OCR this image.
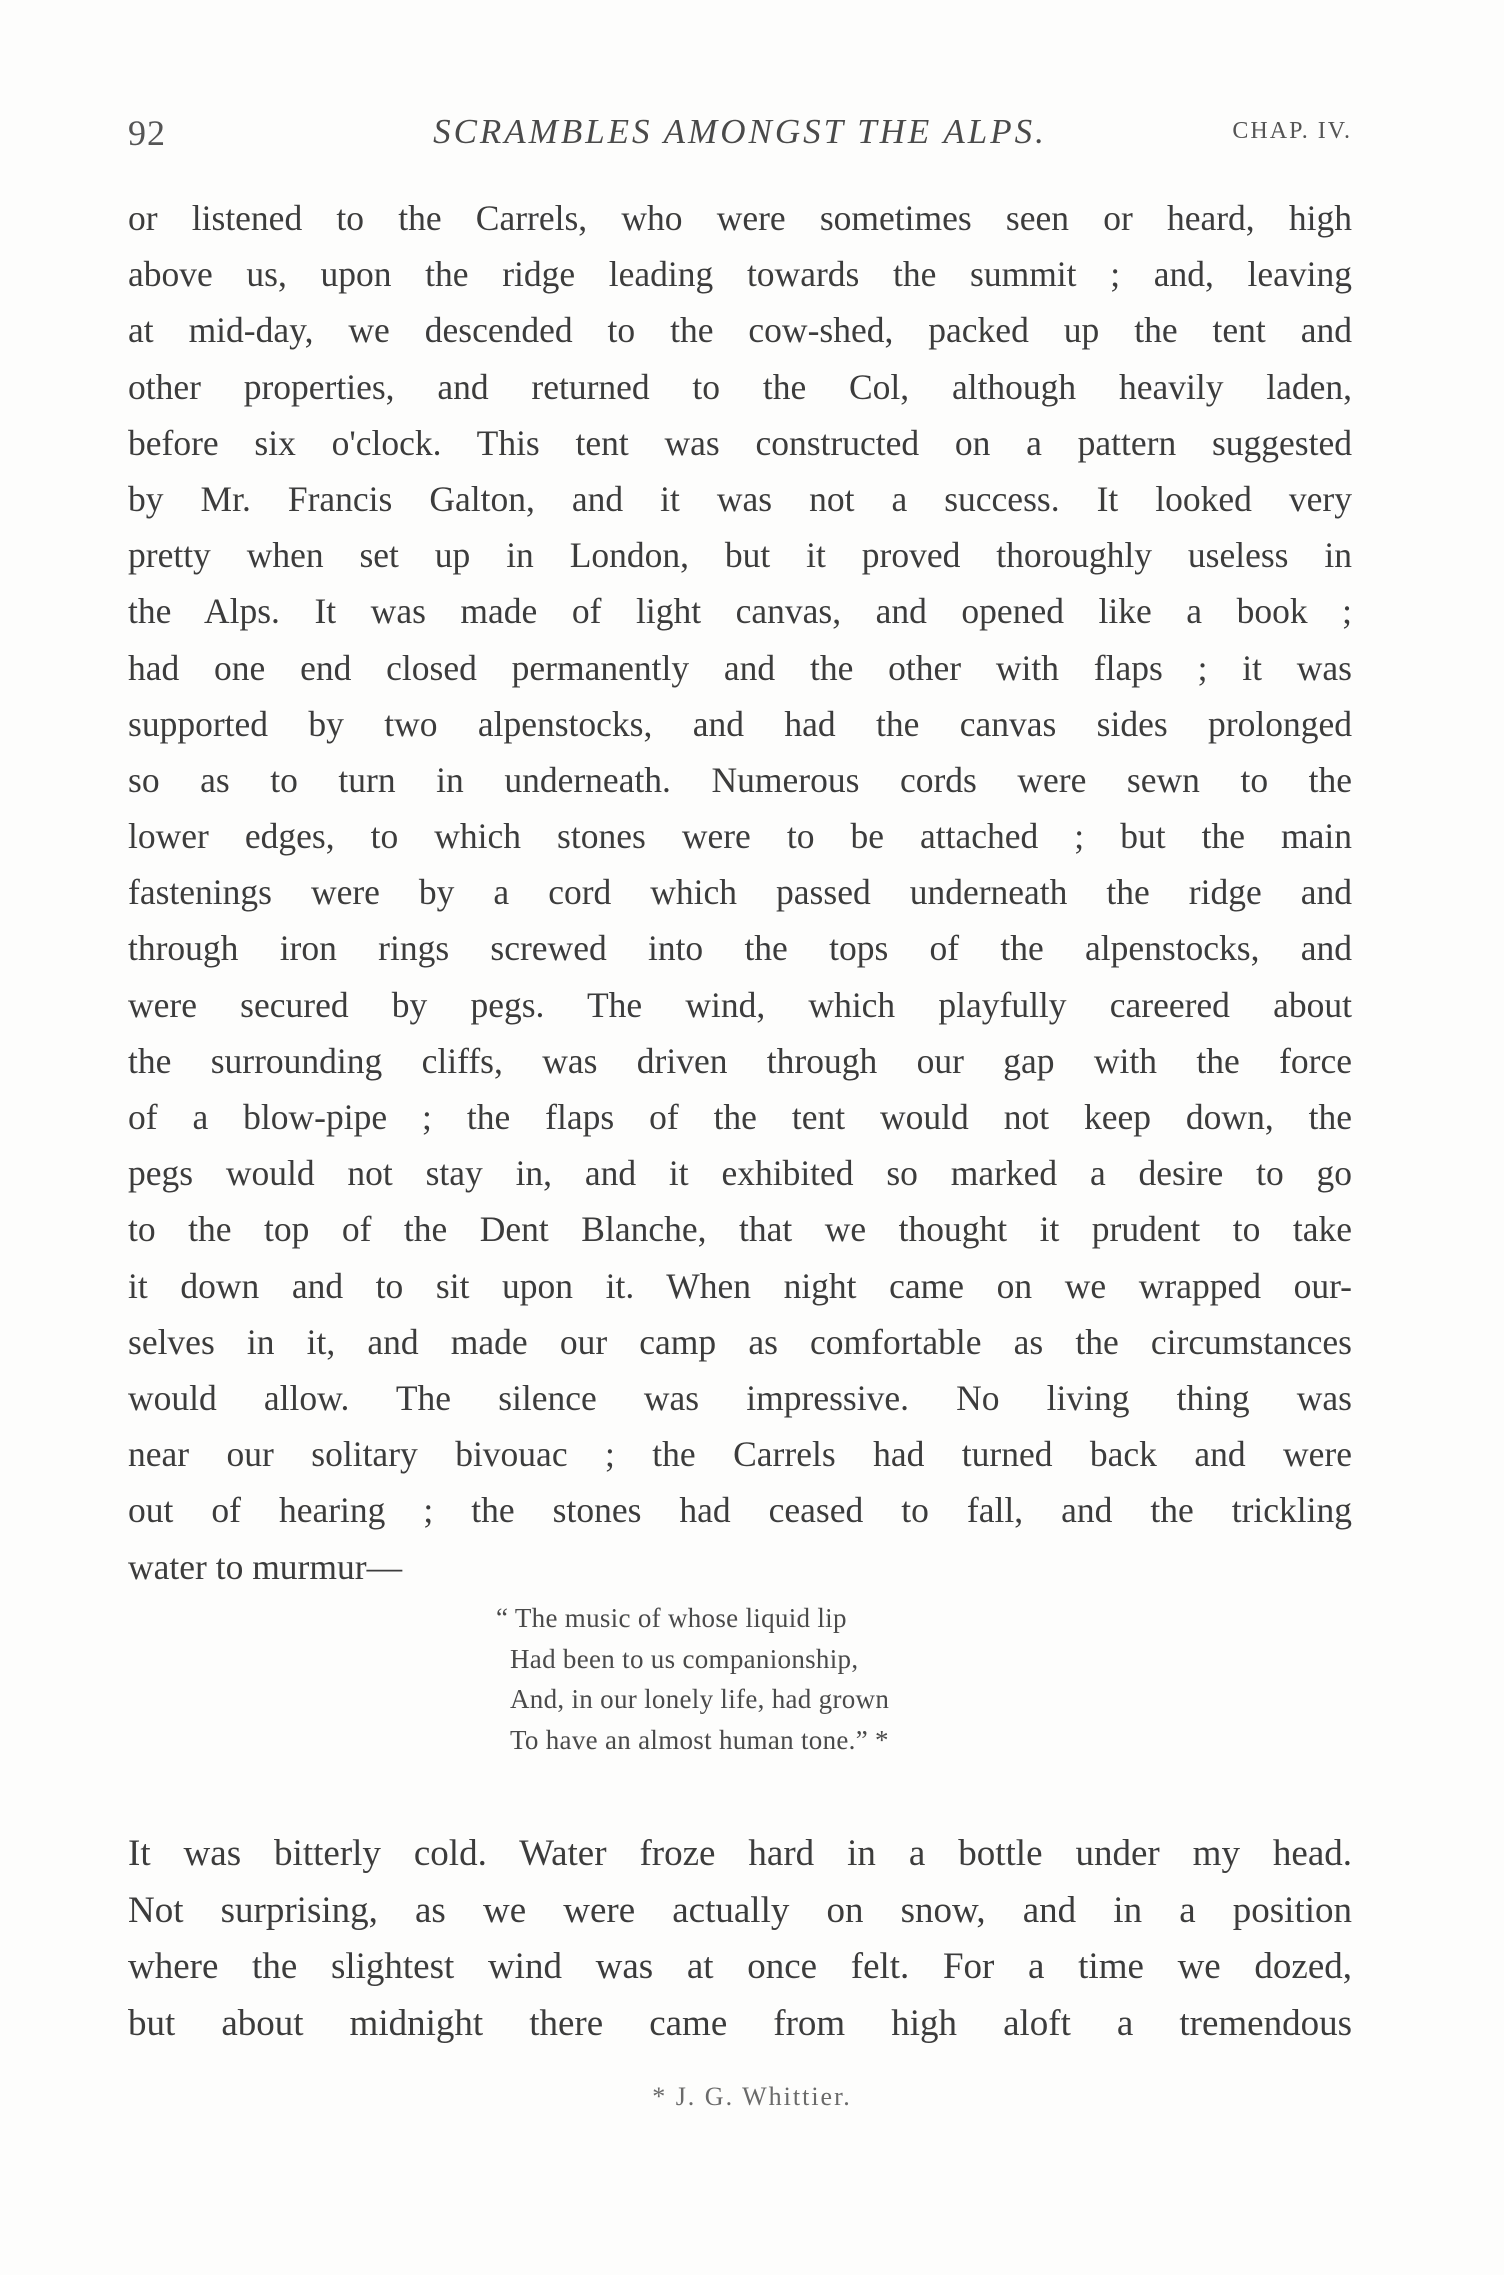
92	SCRAMBLES AMONGST THE ALPS.	CHAP. IV.
or listened to the Carrels, who were sometimes seen or heard, high
above us, upon the ridge leading towards the summit ; and, leaving
at mid-day, we descended to the cow-shed, packed up the tent and
other properties, and returned to the Col, although heavily laden,
before six o'clock. This tent was constructed on a pattern suggested
by Mr. Francis Galton, and it was not a success. It looked very
pretty when set up in London, but it proved thoroughly useless in
the Alps. It was made of light canvas, and opened like a book ;
had one end closed permanently and the other with flaps ; it was
supported by two alpenstocks, and had the canvas sides prolonged
so as to turn in underneath. Numerous cords were sewn to the
lower edges, to which stones were to be attached ; but the main
fastenings were by a cord which passed underneath the ridge and
through iron rings screwed into the tops of the alpenstocks, and
were secured by pegs. The wind, which playfully careered about
the surrounding cliffs, was driven through our gap with the force
of a blow-pipe ; the flaps of the tent would not keep down, the
pegs would not stay in, and it exhibited so marked a desire to go
to the top of the Dent Blanche, that we thought it prudent to take
it down and to sit upon it. When night came on we wrapped our-
selves in it, and made our camp as comfortable as the circumstances
would allow. The silence was impressive. No living thing was
near our solitary bivouac ; the Carrels had turned back and were
out of hearing ; the stones had ceased to fall, and the trickling
water to murmur—
“ The music of whose liquid lip
Had been to us companionship,
And, in our lonely life, had grown
To have an almost human tone.” *
It was bitterly cold. Water froze hard in a bottle under my head.
Not surprising, as we were actually on snow, and in a position
where the slightest wind was at once felt. For a time we dozed,
but about midnight there came from high aloft a tremendous
* J. G. Whittier.
